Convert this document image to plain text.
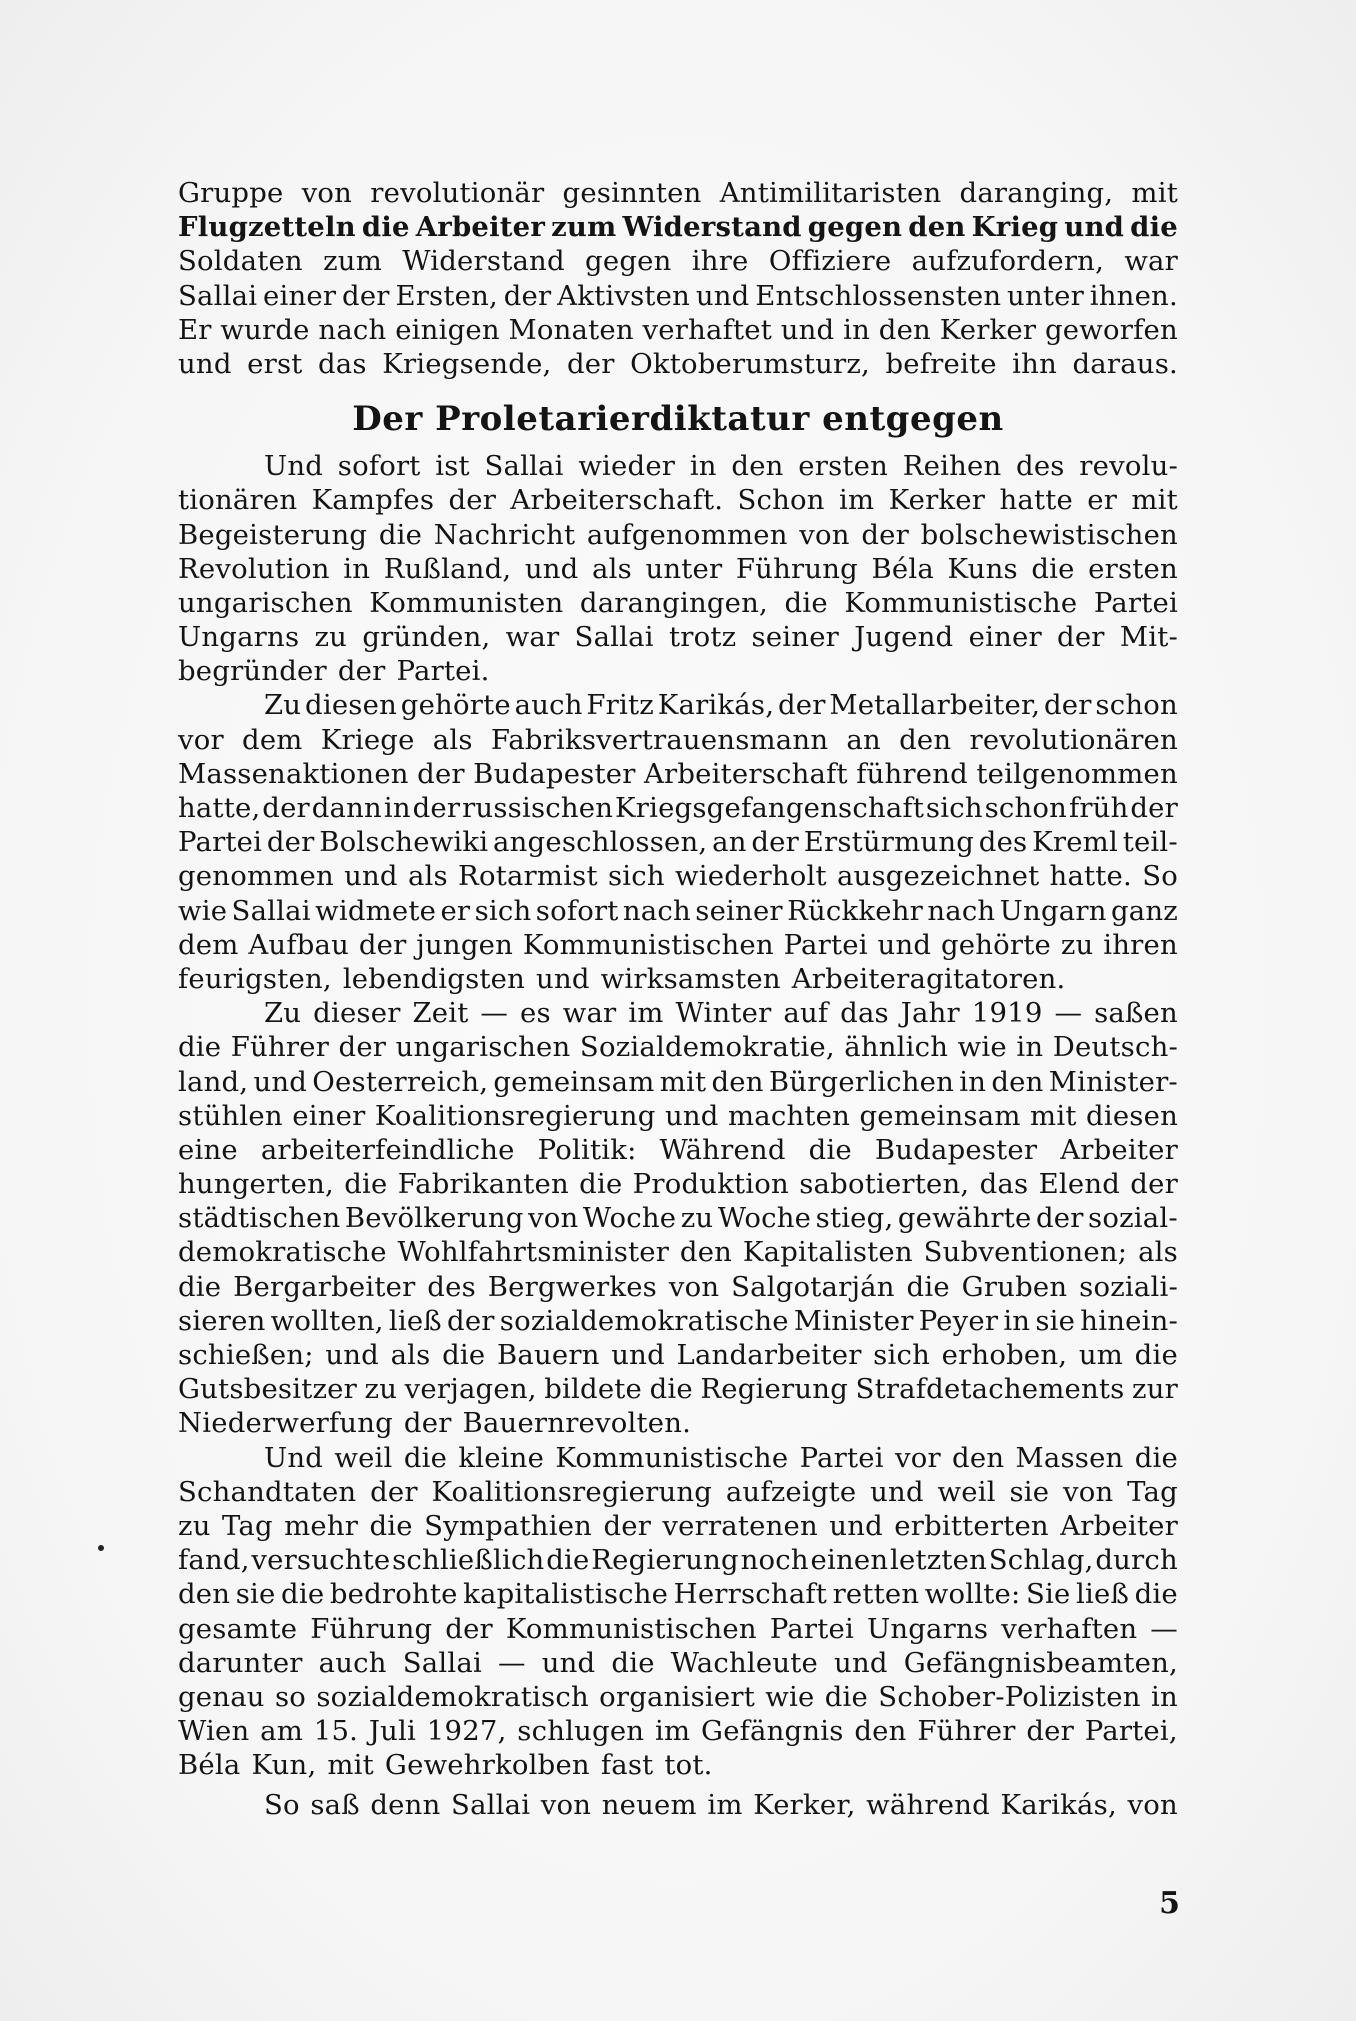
Gruppe von revolutionär gesinnten Antimilitaristen daranging, mit
Flugzetteln die Arbeiter zum Widerstand gegen den Krieg und die
Soldaten zum Widerstand gegen ihre Offiziere aufzufordern, war
Sallai einer der Ersten, der Aktivsten und Entschlossensten unter ihnen.
Er wurde nach einigen Monaten verhaftet und in den Kerker geworfen
und erst das Kriegsende, der Oktoberumsturz, befreite ihn daraus.
Der Proletarierdiktatur entgegen
Und sofort ist Sallai wieder in den ersten Reihen des revolu-
tionären Kampfes der Arbeiterschaft. Schon im Kerker hatte er mit
Begeisterung die Nachricht aufgenommen von der bolschewistischen
Revolution in Rußland, und als unter Führung Béla Kuns die ersten
ungarischen Kommunisten darangingen, die Kommunistische Partei
Ungarns zu gründen, war Sallai trotz seiner Jugend einer der Mit-
begründer der Partei.
Zu diesen gehörte auch Fritz Karikás, der Metallarbeiter, der schon
vor dem Kriege als Fabriksvertrauensmann an den revolutionären
Massenaktionen der Budapester Arbeiterschaft führend teilgenommen
hatte, der dann in der russischen Kriegsgefangenschaft sich schon früh der
Partei der Bolschewiki angeschlossen, an der Erstürmung des Kreml teil-
genommen und als Rotarmist sich wiederholt ausgezeichnet hatte. So
wie Sallai widmete er sich sofort nach seiner Rückkehr nach Ungarn ganz
dem Aufbau der jungen Kommunistischen Partei und gehörte zu ihren
feurigsten, lebendigsten und wirksamsten Arbeiteragitatoren.
Zu dieser Zeit — es war im Winter auf das Jahr 1919 — saßen
die Führer der ungarischen Sozialdemokratie, ähnlich wie in Deutsch-
land, und Oesterreich, gemeinsam mit den Bürgerlichen in den Minister-
stühlen einer Koalitionsregierung und machten gemeinsam mit diesen
eine arbeiterfeindliche Politik: Während die Budapester Arbeiter
hungerten, die Fabrikanten die Produktion sabotierten, das Elend der
städtischen Bevölkerung von Woche zu Woche stieg, gewährte der sozial-
demokratische Wohlfahrtsminister den Kapitalisten Subventionen; als
die Bergarbeiter des Bergwerkes von Salgotarján die Gruben soziali-
sieren wollten, ließ der sozialdemokratische Minister Peyer in sie hinein-
schießen; und als die Bauern und Landarbeiter sich erhoben, um die
Gutsbesitzer zu verjagen, bildete die Regierung Strafdetachements zur
Niederwerfung der Bauernrevolten.
Und weil die kleine Kommunistische Partei vor den Massen die
Schandtaten der Koalitionsregierung aufzeigte und weil sie von Tag
zu Tag mehr die Sympathien der verratenen und erbitterten Arbeiter
fand, versuchte schließlich die Regierung noch einen letzten Schlag, durch
den sie die bedrohte kapitalistische Herrschaft retten wollte: Sie ließ die
gesamte Führung der Kommunistischen Partei Ungarns verhaften —
darunter auch Sallai — und die Wachleute und Gefängnisbeamten,
genau so sozialdemokratisch organisiert wie die Schober-Polizisten in
Wien am 15. Juli 1927, schlugen im Gefängnis den Führer der Partei,
Béla Kun, mit Gewehrkolben fast tot.
So saß denn Sallai von neuem im Kerker, während Karikás, von
5
